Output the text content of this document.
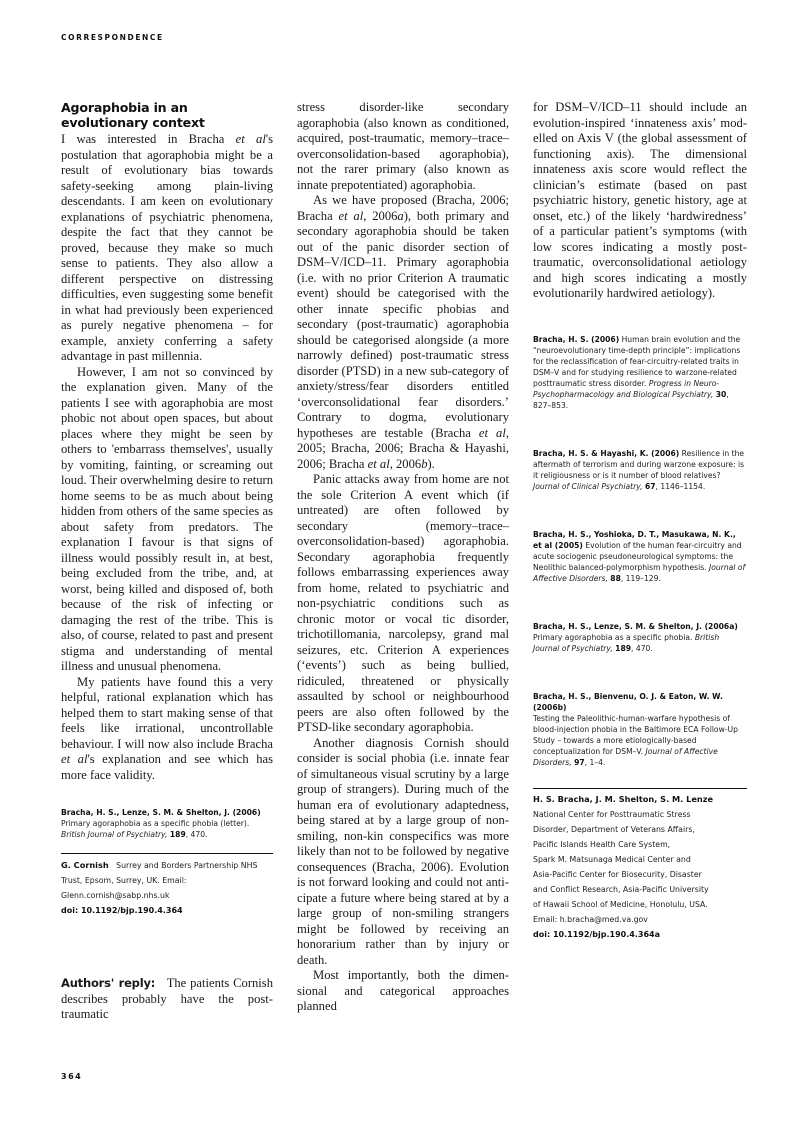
CORRESPONDENCE
Agoraphobia in an evolutionary context

I was interested in Bracha et al's postulation that agoraphobia might be a result of evolutionary bias towards safety-seeking among plain-living descendants. I am keen on evolutionary explanations of psychiatric phenomena, despite the fact that they cannot be proved, because they make so much sense to patients. They also allow a different perspective on distressing difficulties, even suggesting some benefit in what had previously been experienced as purely negative phenomena – for example, anxiety conferring a safety advantage in past millennia.

However, I am not so convinced by the explanation given. Many of the patients I see with agoraphobia are most phobic not about open spaces, but about places where they might be seen by others to 'embarrass themselves', usually by vomiting, fainting, or screaming out loud. Their overwhelming desire to return home seems to be as much about being hidden from others of the same species as about safety from predators. The explanation I favour is that signs of illness would possibly result in, at best, being excluded from the tribe, and, at worst, being killed and disposed of, both because of the risk of infecting or damaging the rest of the tribe. This is also, of course, related to past and present stigma and understanding of mental illness and unusual phenomena.

My patients have found this a very helpful, rational explanation which has helped them to start making sense of that feels like irrational, uncontrollable behaviour. I will now also include Bracha et al's explanation and see which has more face validity.

Bracha, H. S., Lenze, S. M. & Shelton, J. (2006)
Primary agoraphobia as a specific phobia (letter). British Journal of Psychiatry, 189, 470.
G. Cornish Surrey and Borders Partnership NHS Trust, Epsom, Surrey, UK. Email: Glenn.cornish@sabp.nhs.uk
doi: 10.1192/bjp.190.4.364

Authors' reply: The patients Cornish describes probably have the post-traumatic

stress disorder-like secondary agoraphobia (also known as conditioned, acquired, post-traumatic, memory–trace–overconsolidation-based agoraphobia), not the rarer primary (also known as innate prepotentiated) agoraphobia.

As we have proposed (Bracha, 2006; Bracha et al, 2006a), both primary and secondary agoraphobia should be taken out of the panic disorder section of DSM–V/ICD–11. Primary agoraphobia (i.e. with no prior Criterion A traumatic event) should be categorised with the other innate specific phobias and secondary (post-traumatic) agoraphobia should be categorised alongside (a more narrowly defined) post-traumatic stress disorder (PTSD) in a new sub-category of anxiety/stress/fear disorders entitled ‘overconsolidational fear disorders.’ Contrary to dogma, evolutionary hypotheses are testable (Bracha et al, 2005; Bracha, 2006; Bracha & Hayashi, 2006; Bracha et al, 2006b).

Panic attacks away from home are not the sole Criterion A event which (if untreated) are often followed by secondary (memory–trace–overconsolidation-based) agoraphobia. Secondary agoraphobia frequently follows embarrassing experiences away from home, related to psychiatric and non-psychiatric conditions such as chronic motor or vocal tic disorder, trichotillomania, narcolepsy, grand mal seizures, etc. Criterion A experiences (‘events’) such as being bullied, ridiculed, threatened or physically assaulted by school or neighbourhood peers are also often followed by the PTSD-like secondary agoraphobia.

Another diagnosis Cornish should consider is social phobia (i.e. innate fear of simultaneous visual scrutiny by a large group of strangers). During much of the human era of evolutionary adaptedness, being stared at by a large group of non-smiling, non-kin conspecifics was more likely than not to be followed by negative consequences (Bracha, 2006). Evolution is not forward looking and could not anticipate a future where being stared at by a large group of non-smiling strangers might be followed by receiving an honorarium rather than by injury or death.

Most importantly, both the dimensional and categorical approaches planned

for DSM–V/ICD–11 should include an evolution-inspired ‘innateness axis’ modelled on Axis V (the global assessment of functioning axis). The dimensional innateness axis score would reflect the clinician’s estimate (based on past psychiatric history, genetic history, age at onset, etc.) of the likely ‘hardwiredness’ of a particular patient’s symptoms (with low scores indicating a mostly post-traumatic, overconsolidational aetiology and high scores indicating a mostly evolutionarily hardwired aetiology).

Bracha, H. S. (2006) Human brain evolution and the “neuroevolutionary time-depth principle”: implications for the reclassification of fear-circuitry-related traits in DSM–V and for studying resilience to warzone-related posttraumatic stress disorder. Progress in Neuro-Psychopharmacology and Biological Psychiatry, 30, 827–853.
Bracha, H. S. & Hayashi, K. (2006) Resilience in the aftermath of terrorism and during warzone exposure: is it religiousness or is it number of blood relatives? Journal of Clinical Psychiatry, 67, 1146–1154.
Bracha, H. S., Yoshioka, D. T., Masukawa, N. K., et al (2005) Evolution of the human fear-circuitry and acute sociogenic pseudoneurological symptoms: the Neolithic balanced-polymorphism hypothesis. Journal of Affective Disorders, 88, 119–129.
Bracha, H. S., Lenze, S. M. & Shelton, J. (2006a)
Primary agoraphobia as a specific phobia. British Journal of Psychiatry, 189, 470.
Bracha, H. S., Bienvenu, O. J. & Eaton, W. W. (2006b)
Testing the Paleolithic-human-warfare hypothesis of blood-injection phobia in the Baltimore ECA Follow-Up Study – towards a more etiologically-based conceptualization for DSM–V. Journal of Affective Disorders, 97, 1–4.
H. S. Bracha, J. M. Shelton, S. M. Lenze
National Center for Posttraumatic Stress
Disorder, Department of Veterans Affairs,
Pacific Islands Health Care System,
Spark M. Matsunaga Medical Center and
Asia-Pacific Center for Biosecurity, Disaster
and Conflict Research, Asia-Pacific University
of Hawaii School of Medicine, Honolulu, USA.
Email: h.bracha@med.va.gov
doi: 10.1192/bjp.190.4.364a
364
